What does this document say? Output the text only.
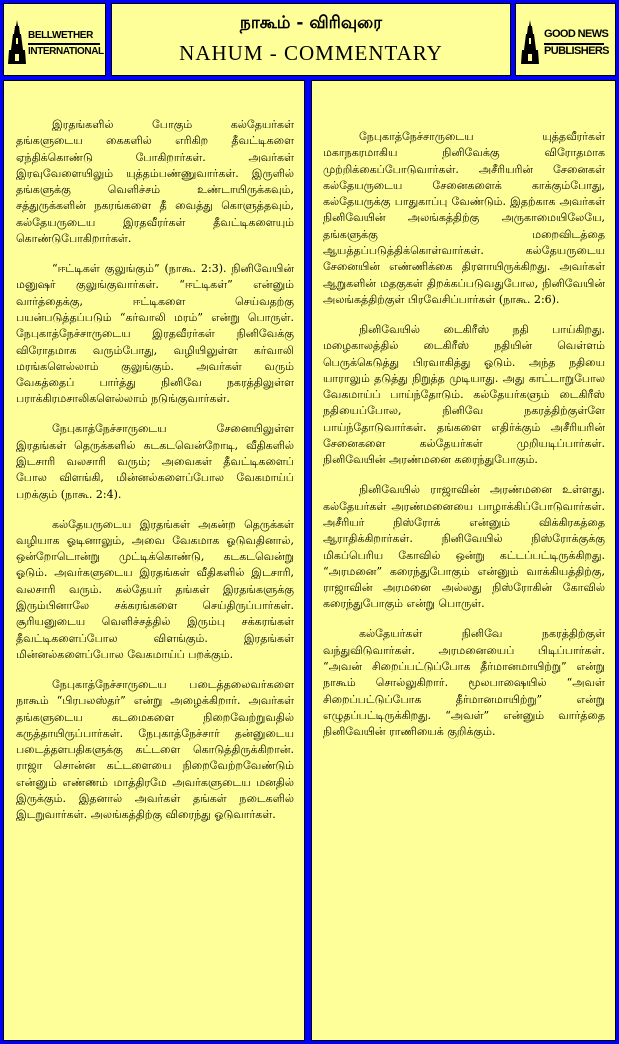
BELLWETHER
INTERNATIONAL
நாகூம் - விரிவுரை
NAHUM - COMMENTARY
GOOD NEWS
PUBLISHERS

இரதங்களில் போகும் கல்தேயர்கள் தங்களுடைய கைகளில் எரிகிற தீவட்டிகளை ஏந்திக்கொண்டு போகிறார்கள். அவர்கள் இரவுவேளையிலும் யுத்தம்பண்ணுவார்கள். இருளில் தங்களுக்கு வெளிச்சம் உண்டாயிருக்கவும், சத்துருக்களின் நகரங்களை தீ வைத்து கொளுத்தவும், கல்தேயருடைய இரதவீரர்கள் தீவட்டிகளையும் கொண்டுபோகிறார்கள்.

“ஈட்டிகள் குலுங்கும்” (நாகூ. 2:3). நினிவேயின் மனுஷர் குலுங்குவார்கள். “ஈட்டிகள்” என்னும் வார்த்தைக்கு, ஈட்டிகளை செய்வதற்கு பயன்படுத்தப்படும் “கர்வாலி மரம்” என்று பொருள். நேபுகாத்நேச்சாருடைய இரதவீரர்கள் நினிவேக்கு விரோதமாக வரும்போது, வழியிலுள்ள கர்வாலி மரங்களெல்லாம் குலுங்கும். அவர்கள் வரும் வேகத்தைப் பார்த்து நினிவே நகரத்திலுள்ள பராக்கிரமசாலிகளெல்லாம் நடுங்குவார்கள்.

நேபுகாத்நேச்சாருடைய சேனையிலுள்ள இரதங்கள் தெருக்களில் கடகடவென்றோடி, வீதிகளில் இடசாரி வலசாரி வரும்; அவைகள் தீவட்டிகளைப் போல விளங்கி, மின்னல்களைப்போல வேகமாய்ப் பறக்கும் (நாகூ. 2:4).

கல்தேயருடைய இரதங்கள் அகன்ற தெருக்கள் வழியாக ஓடினாலும், அவை வேகமாக ஓடுவதினால், ஒன்றோடொன்று முட்டிக்கொண்டு, கடகடவென்று ஓடும். அவர்களுடைய இரதங்கள் வீதிகளில் இடசாரி, வலசாரி வரும். கல்தேயர் தங்கள் இரதங்களுக்கு இரும்பினாலே சக்கரங்களை செய்திருப்பார்கள். சூரியனுடைய வெளிச்சத்தில் இரும்பு சக்கரங்கள் தீவட்டிகளைப்போல விளங்கும். இரதங்கள் மின்னல்களைப்போல வேகமாய்ப் பறக்கும்.

நேபுகாத்நேச்சாருடைய படைத்தலைவர்களை நாகூம் “பிரபலஸ்தர்” என்று அழைக்கிறார். அவர்கள் தங்களுடைய கடமைகளை நிறைவேற்றுவதில் கருத்தாயிருப்பார்கள். நேபுகாத்நேச்சார் தன்னுடைய படைத்தளபதிகளுக்கு கட்டளை கொடுத்திருக்கிறான். ராஜா சொன்ன கட்டளையை நிறைவேற்றவேண்டும் என்னும் எண்ணம் மாத்திரமே அவர்களுடைய மனதில் இருக்கும். இதனால் அவர்கள் தங்கள் நடைகளில் இடறுவார்கள். அலங்கத்திற்கு விரைந்து ஓடுவார்கள்.

நேபுகாத்நேச்சாருடைய யுத்தவீரர்கள் மகாநகரமாகிய நினிவேக்கு விரோதமாக முற்றிக்கைப்போடுவார்கள். அசீரியரின் சேனைகள் கல்தேயருடைய சேனைகளைக் காக்கும்போது, கல்தேயருக்கு பாதுகாப்பு வேண்டும். இதற்காக அவர்கள் நினிவேயின் அலங்கத்திற்கு அருகாமையிலேயே, தங்களுக்கு மறைவிடத்தை ஆயத்தப்படுத்திக்கொள்வார்கள். கல்தேயருடைய சேனையின் எண்ணிக்கை திரளாயிருக்கிறது. அவர்கள் ஆறுகளின் மதகுகள் திறக்கப்படுவதுபோல, நினிவேயின் அலங்கத்திற்குள் பிரவேசிப்பார்கள் (நாகூ. 2:6).

நினிவேயில் டைகிரீஸ் நதி பாய்கிறது. மழைகாலத்தில் டைகிரீஸ் நதியின் வெள்ளம் பெருக்கெடுத்து பிரவாகித்து ஓடும். அந்த நதியை யாராலும் தடுத்து நிறுத்த முடியாது. அது காட்டாறுபோல வேகமாய்ப் பாய்ந்தோடும். கல்தேயர்களும் டைகிரீஸ் நதியைப்போல, நினிவே நகரத்திற்குள்ளே பாய்ந்தோடுவார்கள். தங்களை எதிர்க்கும் அசீரியரின் சேனைகளை கல்தேயர்கள் முறியடிப்பார்கள். நினிவேயின் அரண்மனை கரைந்துபோகும்.

நினிவேயில் ராஜாவின் அரண்மனை உள்ளது. கல்தேயர்கள் அரண்மனையை பாழாக்கிப்போடுவார்கள். அசீரியர் நிஸ்ரோக் என்னும் விக்கிரகத்தை ஆராதிக்கிறார்கள். நினிவேயில் நிஸ்ரோக்குக்கு மிகப்பெரிய கோவில் ஒன்று கட்டப்பட்டிருக்கிறது. “அரமனை” கரைந்துபோகும் என்னும் வாக்கியத்திற்கு, ராஜாவின் அரமனை அல்லது நிஸ்ரோகின் கோவில் கரைந்துபோகும் என்று பொருள்.

கல்தேயர்கள் நினிவே நகரத்திற்குள் வந்துவிடுவார்கள். அரமனையைப் பிடிப்பார்கள். “அவன் சிறைப்பட்டுப்போக தீர்மானமாயிற்று” என்று நாகூம் சொல்லுகிறார். மூலபாஷையில் “அவள் சிறைப்பட்டுப்போக தீர்மானமாயிற்று” என்று எழுதப்பட்டிருக்கிறது. “அவள்” என்னும் வார்த்தை நினிவேயின் ராணியைக் குறிக்கும்.
